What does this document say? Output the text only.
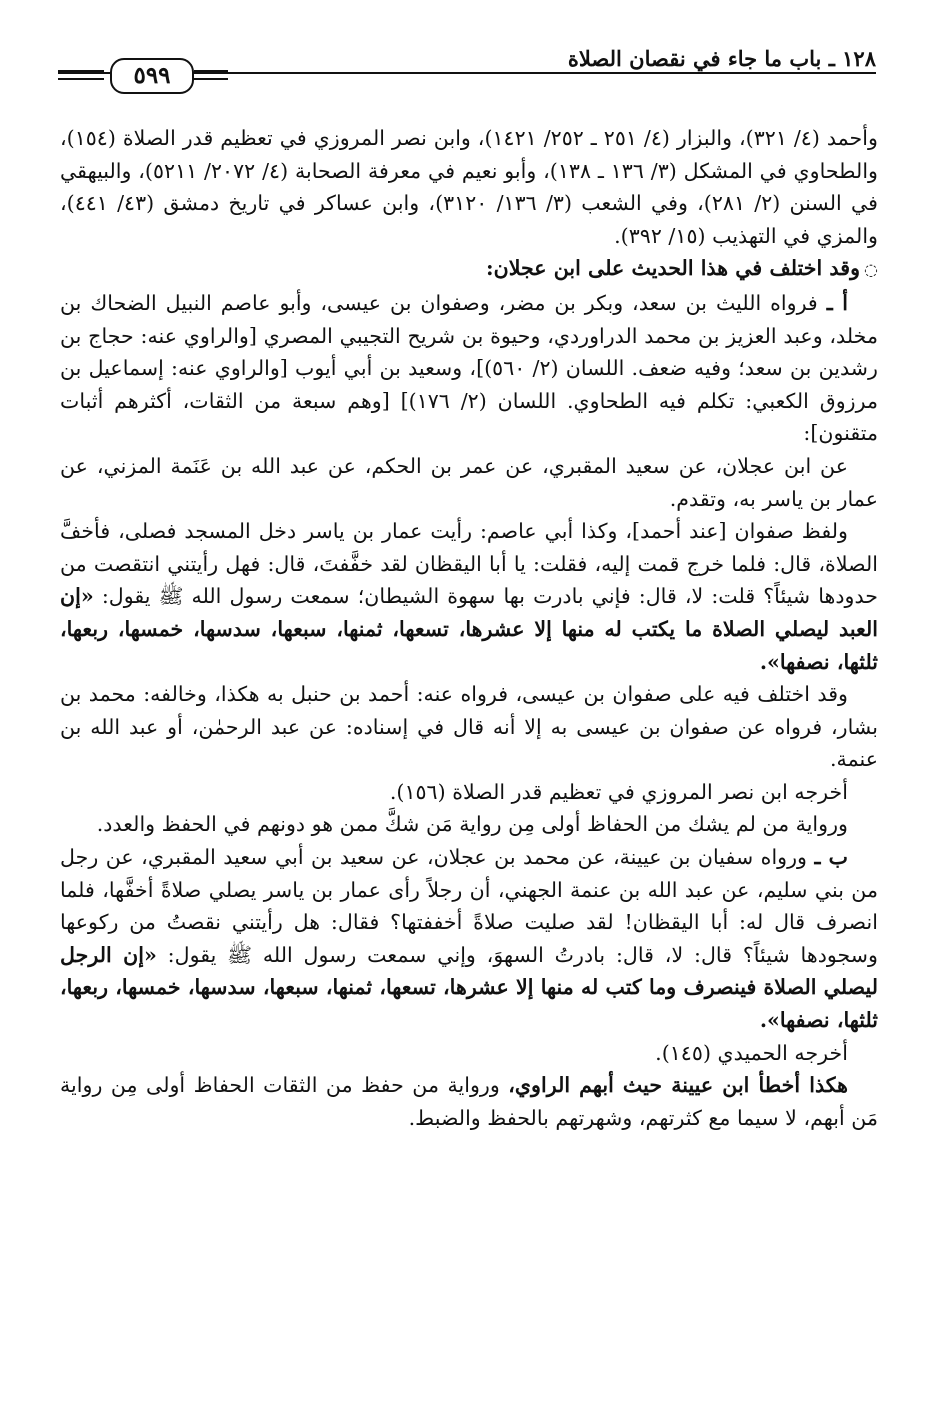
١٢٨ ـ باب ما جاء في نقصان الصلاة
٥٩٩

وأحمد (٤/ ٣٢١)، والبزار (٤/ ٢٥١ ـ ٢٥٢/ ١٤٢١)، وابن نصر المروزي في تعظيم قدر الصلاة (١٥٤)، والطحاوي في المشكل (٣/ ١٣٦ ـ ١٣٨)، وأبو نعيم في معرفة الصحابة (٤/ ٢٠٧٢/ ٥٢١١)، والبيهقي في السنن (٢/ ٢٨١)، وفي الشعب (٣/ ١٣٦/ ٣١٢٠)، وابن عساكر في تاريخ دمشق (٤٣/ ٤٤١)، والمزي في التهذيب (١٥/ ٣٩٢).

◌وقد اختلف في هذا الحديث على ابن عجلان:

أ ـ فرواه الليث بن سعد، وبكر بن مضر، وصفوان بن عيسى، وأبو عاصم النبيل الضحاك بن مخلد، وعبد العزيز بن محمد الدراوردي، وحيوة بن شريح التجيبي المصري [والراوي عنه: حجاج بن رشدين بن سعد؛ وفيه ضعف. اللسان (٢/ ٥٦٠)]، وسعيد بن أبي أيوب [والراوي عنه: إسماعيل بن مرزوق الكعبي: تكلم فيه الطحاوي. اللسان (٢/ ١٧٦)] [وهم سبعة من الثقات، أكثرهم أثبات متقنون]:

عن ابن عجلان، عن سعيد المقبري، عن عمر بن الحكم، عن عبد الله بن عَنَمة المزني، عن عمار بن ياسر به، وتقدم.

ولفظ صفوان [عند أحمد]، وكذا أبي عاصم: رأيت عمار بن ياسر دخل المسجد فصلى، فأخفَّ الصلاة، قال: فلما خرج قمت إليه، فقلت: يا أبا اليقظان لقد خفَّفتَ، قال: فهل رأيتني انتقصت من حدودها شيئاً؟ قلت: لا، قال: فإني بادرت بها سهوة الشيطان؛ سمعت رسول الله ﷺ يقول: «إن العبد ليصلي الصلاة ما يكتب له منها إلا عشرها، تسعها، ثمنها، سبعها، سدسها، خمسها، ربعها، ثلثها، نصفها».

وقد اختلف فيه على صفوان بن عيسى، فرواه عنه: أحمد بن حنبل به هكذا، وخالفه: محمد بن بشار، فرواه عن صفوان بن عيسى به إلا أنه قال في إسناده: عن عبد الرحمٰن، أو عبد الله بن عنمة.

أخرجه ابن نصر المروزي في تعظيم قدر الصلاة (١٥٦).

ورواية من لم يشك من الحفاظ أولى مِن رواية مَن شكَّ ممن هو دونهم في الحفظ والعدد.

ب ـ ورواه سفيان بن عيينة، عن محمد بن عجلان، عن سعيد بن أبي سعيد المقبري، عن رجل من بني سليم، عن عبد الله بن عنمة الجهني، أن رجلاً رأى عمار بن ياسر يصلي صلاةً أخفَّها، فلما انصرف قال له: أبا اليقظان! لقد صليت صلاةً أخففتها؟ فقال: هل رأيتني نقصتُ من ركوعها وسجودها شيئاً؟ قال: لا، قال: بادرتُ السهوَ، وإني سمعت رسول الله ﷺ يقول: «إن الرجل ليصلي الصلاة فينصرف وما كتب له منها إلا عشرها، تسعها، ثمنها، سبعها، سدسها، خمسها، ربعها، ثلثها، نصفها».

أخرجه الحميدي (١٤٥).

هكذا أخطأ ابن عيينة حيث أبهم الراوي، ورواية من حفظ من الثقات الحفاظ أولى مِن رواية مَن أبهم، لا سيما مع كثرتهم، وشهرتهم بالحفظ والضبط.
